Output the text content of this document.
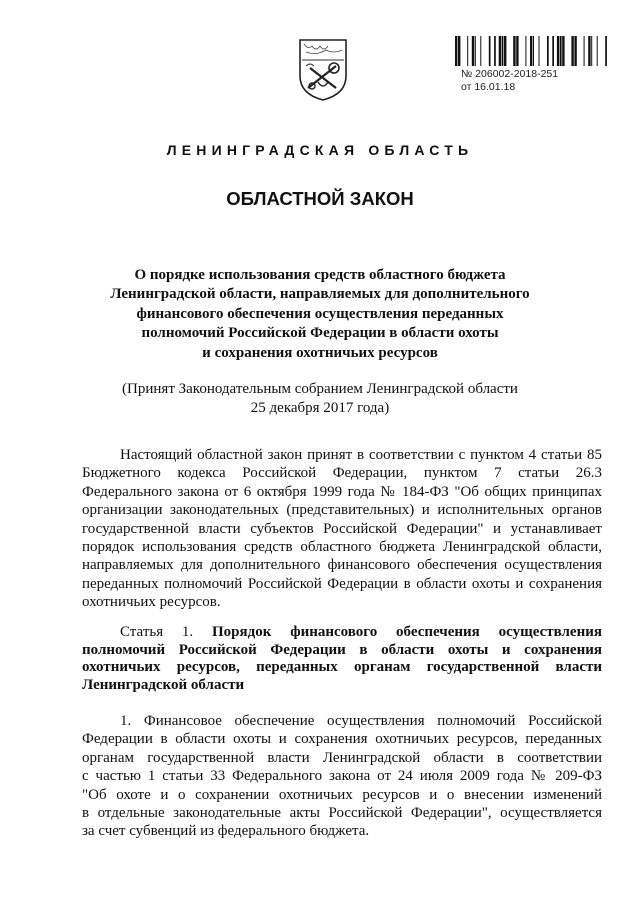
№ 206002-2018-251
от 16.01.18
ЛЕНИНГРАДСКАЯ ОБЛАСТЬ
ОБЛАСТНОЙ ЗАКОН
О порядке использования средств областного бюджета
Ленинградской области, направляемых для дополнительного
финансового обеспечения осуществления переданных
полномочий Российской Федерации в области охоты
и сохранения охотничьих ресурсов
(Принят Законодательным собранием Ленинградской области
25 декабря 2017 года)
Настоящий областной закон принят в соответствии с пунктом 4 статьи 85
Бюджетного кодекса Российской Федерации, пунктом 7 статьи 26.3
Федерального закона от 6 октября 1999 года № 184-ФЗ "Об общих принципах
организации законодательных (представительных) и исполнительных органов
государственной власти субъектов Российской Федерации" и устанавливает
порядок использования средств областного бюджета Ленинградской области,
направляемых для дополнительного финансового обеспечения осуществления
переданных полномочий Российской Федерации в области охоты и сохранения
охотничьих ресурсов.
Статья 1. Порядок финансового обеспечения осуществления
полномочий Российской Федерации в области охоты и сохранения
охотничьих ресурсов, переданных органам государственной власти
Ленинградской области
1. Финансовое обеспечение осуществления полномочий Российской
Федерации в области охоты и сохранения охотничьих ресурсов, переданных
органам государственной власти Ленинградской области в соответствии
с частью 1 статьи 33 Федерального закона от 24 июля 2009 года № 209-ФЗ
"Об охоте и о сохранении охотничьих ресурсов и о внесении изменений
в отдельные законодательные акты Российской Федерации", осуществляется
за счет субвенций из федерального бюджета.
